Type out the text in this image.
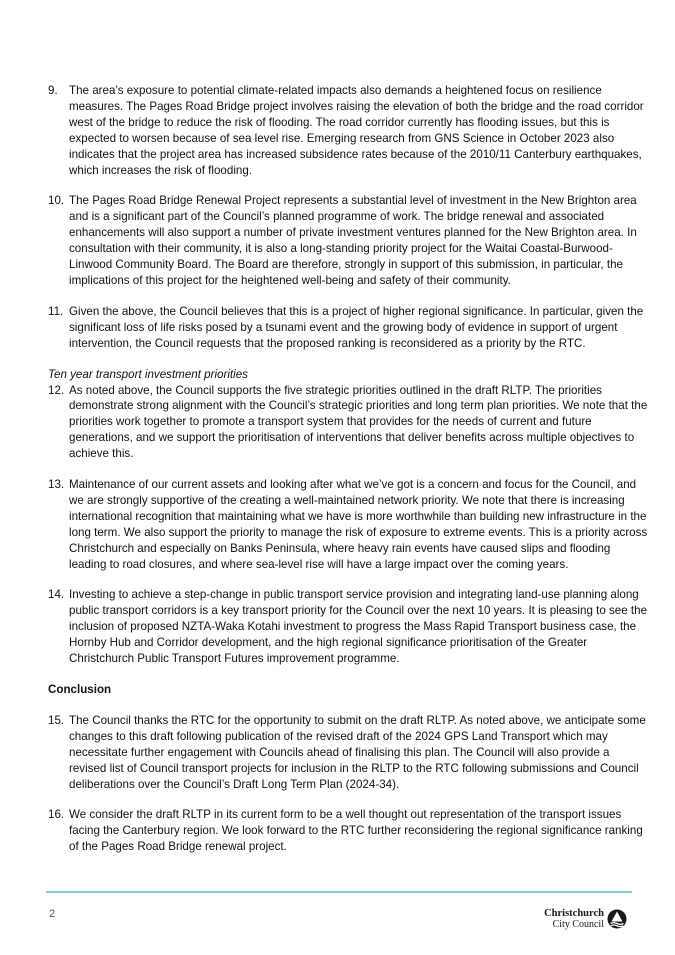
9. The area’s exposure to potential climate-related impacts also demands a heightened focus on resilience measures. The Pages Road Bridge project involves raising the elevation of both the bridge and the road corridor west of the bridge to reduce the risk of flooding. The road corridor currently has flooding issues, but this is expected to worsen because of sea level rise. Emerging research from GNS Science in October 2023 also indicates that the project area has increased subsidence rates because of the 2010/11 Canterbury earthquakes, which increases the risk of flooding.
10. The Pages Road Bridge Renewal Project represents a substantial level of investment in the New Brighton area and is a significant part of the Council’s planned programme of work. The bridge renewal and associated enhancements will also support a number of private investment ventures planned for the New Brighton area. In consultation with their community, it is also a long-standing priority project for the Waitai Coastal-Burwood-Linwood Community Board. The Board are therefore, strongly in support of this submission, in particular, the implications of this project for the heightened well-being and safety of their community.
11. Given the above, the Council believes that this is a project of higher regional significance. In particular, given the significant loss of life risks posed by a tsunami event and the growing body of evidence in support of urgent intervention, the Council requests that the proposed ranking is reconsidered as a priority by the RTC.
Ten year transport investment priorities
12. As noted above, the Council supports the five strategic priorities outlined in the draft RLTP. The priorities demonstrate strong alignment with the Council’s strategic priorities and long term plan priorities. We note that the priorities work together to promote a transport system that provides for the needs of current and future generations, and we support the prioritisation of interventions that deliver benefits across multiple objectives to achieve this.
13. Maintenance of our current assets and looking after what we’ve got is a concern and focus for the Council, and we are strongly supportive of the creating a well-maintained network priority. We note that there is increasing international recognition that maintaining what we have is more worthwhile than building new infrastructure in the long term. We also support the priority to manage the risk of exposure to extreme events. This is a priority across Christchurch and especially on Banks Peninsula, where heavy rain events have caused slips and flooding leading to road closures, and where sea-level rise will have a large impact over the coming years.
14. Investing to achieve a step-change in public transport service provision and integrating land-use planning along public transport corridors is a key transport priority for the Council over the next 10 years. It is pleasing to see the inclusion of proposed NZTA-Waka Kotahi investment to progress the Mass Rapid Transport business case, the Hornby Hub and Corridor development, and the high regional significance prioritisation of the Greater Christchurch Public Transport Futures improvement programme.
Conclusion
15. The Council thanks the RTC for the opportunity to submit on the draft RLTP. As noted above, we anticipate some changes to this draft following publication of the revised draft of the 2024 GPS Land Transport which may necessitate further engagement with Councils ahead of finalising this plan. The Council will also provide a revised list of Council transport projects for inclusion in the RLTP to the RTC following submissions and Council deliberations over the Council’s Draft Long Term Plan (2024-34).
16. We consider the draft RLTP in its current form to be a well thought out representation of the transport issues facing the Canterbury region. We look forward to the RTC further reconsidering the regional significance ranking of the Pages Road Bridge renewal project.
2	Christchurch
City Council
